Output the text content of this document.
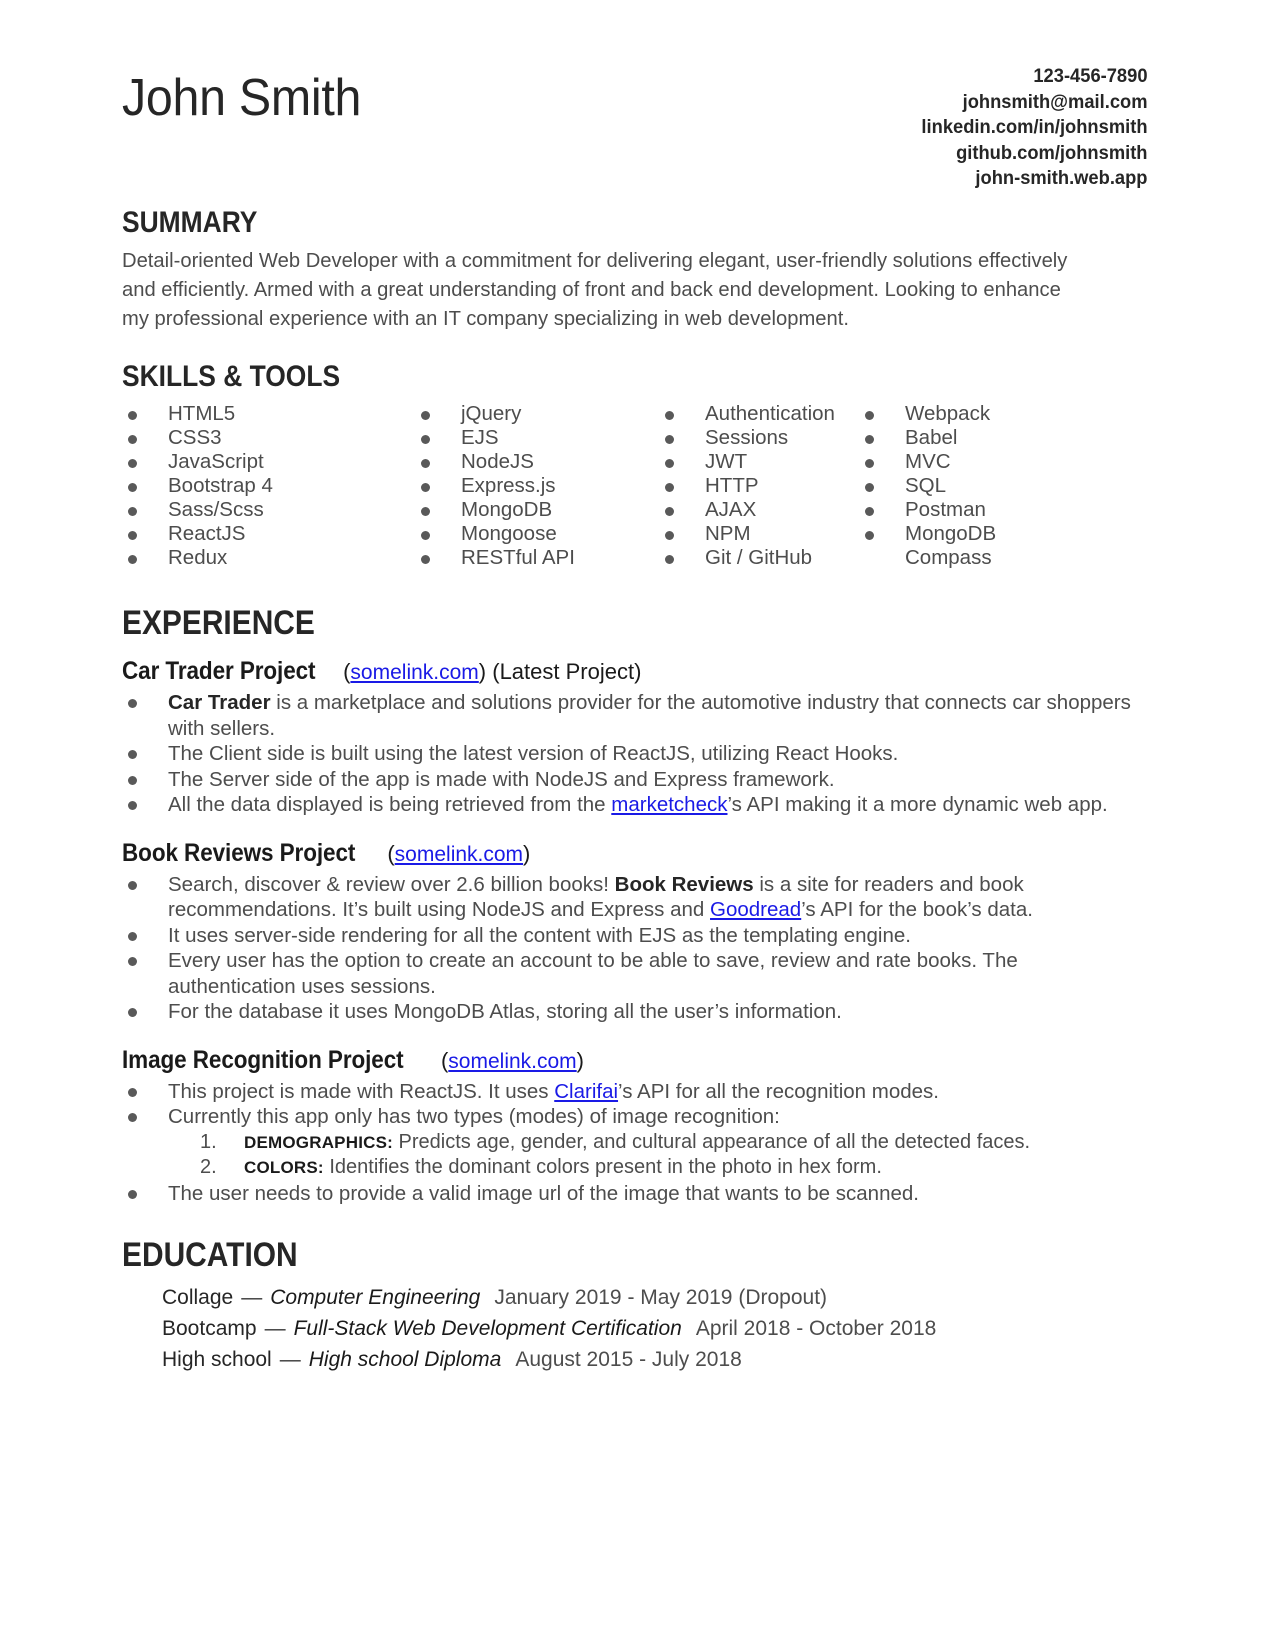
John Smith	123-456-7890
johnsmith@mail.com
linkedin.com/in/johnsmith
github.com/johnsmith
john-smith.web.app
SUMMARY
Detail-oriented Web Developer with a commitment for delivering elegant, user-friendly solutions effectively and efficiently. Armed with a great understanding of front and back end development. Looking to enhance my professional experience with an IT company specializing in web development.
SKILLS & TOOLS
HTML5
CSS3
JavaScript
Bootstrap 4
Sass/Scss
ReactJS
Redux
jQuery
EJS
NodeJS
Express.js
MongoDB
Mongoose
RESTful API
Authentication
Sessions
JWT
HTTP
AJAX
NPM
Git / GitHub
Webpack
Babel
MVC
SQL
Postman
MongoDB Compass
EXPERIENCE
Car Trader Project (somelink.com) (Latest Project)
Car Trader is a marketplace and solutions provider for the automotive industry that connects car shoppers with sellers.
The Client side is built using the latest version of ReactJS, utilizing React Hooks.
The Server side of the app is made with NodeJS and Express framework.
All the data displayed is being retrieved from the marketcheck’s API making it a more dynamic web app.
Book Reviews Project (somelink.com)
Search, discover & review over 2.6 billion books! Book Reviews is a site for readers and book recommendations. It’s built using NodeJS and Express and Goodread’s API for the book’s data.
It uses server-side rendering for all the content with EJS as the templating engine.
Every user has the option to create an account to be able to save, review and rate books. The authentication uses sessions.
For the database it uses MongoDB Atlas, storing all the user’s information.
Image Recognition Project (somelink.com)
This project is made with ReactJS. It uses Clarifai’s API for all the recognition modes.
Currently this app only has two types (modes) of image recognition:
1. DEMOGRAPHICS: Predicts age, gender, and cultural appearance of all the detected faces.
2. COLORS: Identifies the dominant colors present in the photo in hex form.
The user needs to provide a valid image url of the image that wants to be scanned.
EDUCATION
Collage — Computer Engineering January 2019 - May 2019 (Dropout)
Bootcamp — Full-Stack Web Development Certification April 2018 - October 2018
High school — High school Diploma August 2015 - July 2018
